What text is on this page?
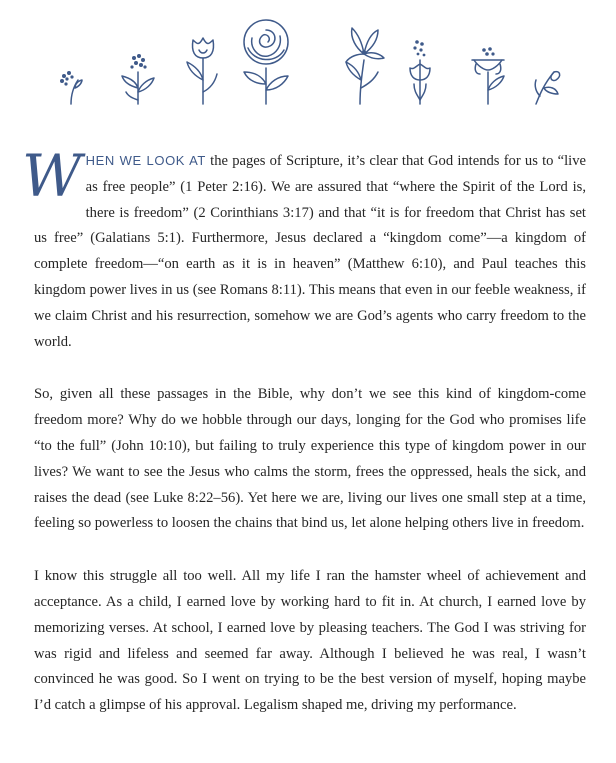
WHEN WE LOOK AT the pages of Scripture, it’s clear that God intends for us to “live as free people” (1 Peter 2:16). We are assured that “where the Spirit of the Lord is, there is freedom” (2 Corinthians 3:17) and that “it is for freedom that Christ has set us free” (Galatians 5:1). Furthermore, Jesus declared a “kingdom come”—a kingdom of complete freedom—“on earth as it is in heaven” (Matthew 6:10), and Paul teaches this kingdom power lives in us (see Romans 8:11). This means that even in our feeble weakness, if we claim Christ and his resurrection, somehow we are God’s agents who carry freedom to the world.

So, given all these passages in the Bible, why don’t we see this kind of kingdom-come freedom more? Why do we hobble through our days, longing for the God who promises life “to the full” (John 10:10), but failing to truly experience this type of kingdom power in our lives? We want to see the Jesus who calms the storm, frees the oppressed, heals the sick, and raises the dead (see Luke 8:22–56). Yet here we are, living our lives one small step at a time, feeling so powerless to loosen the chains that bind us, let alone helping others live in freedom.

I know this struggle all too well. All my life I ran the hamster wheel of achievement and acceptance. As a child, I earned love by working hard to fit in. At church, I earned love by memorizing verses. At school, I earned love by pleasing teachers. The God I was striving for was rigid and lifeless and seemed far away. Although I believed he was real, I wasn’t convinced he was good. So I went on trying to be the best version of myself, hoping maybe I’d catch a glimpse of his approval. Legalism shaped me, driving my performance.
